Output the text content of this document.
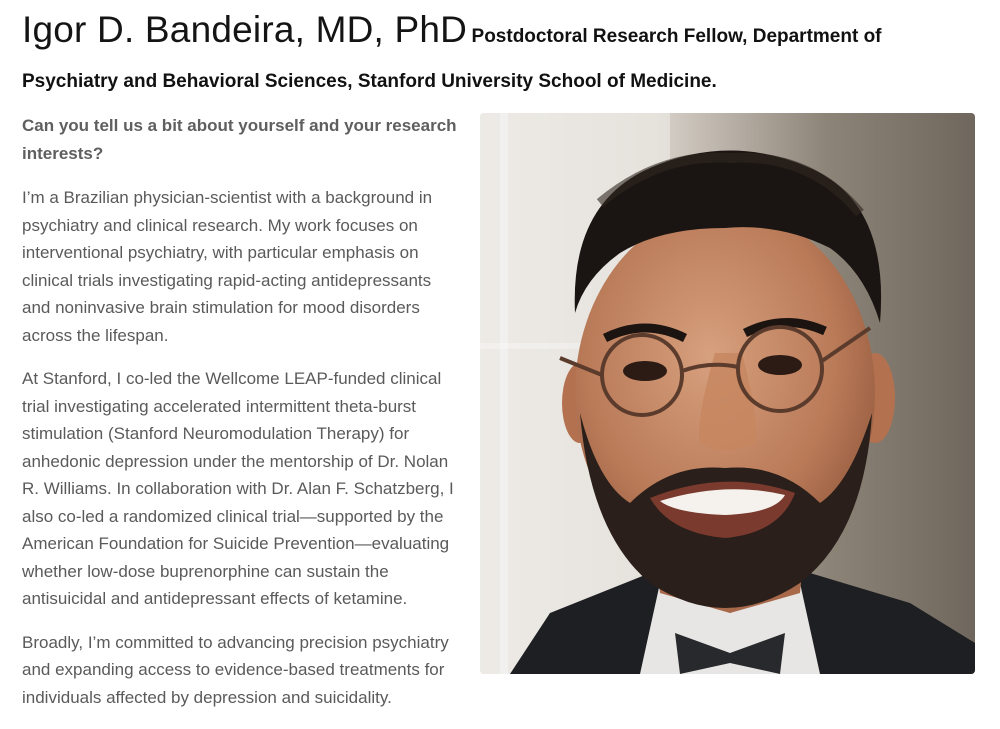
Igor D. Bandeira, MD, PhD Postdoctoral Research Fellow, Department of Psychiatry and Behavioral Sciences, Stanford University School of Medicine.

Can you tell us a bit about yourself and your research interests?

I’m a Brazilian physician-scientist with a background in psychiatry and clinical research. My work focuses on interventional psychiatry, with particular emphasis on clinical trials investigating rapid-acting antidepressants and noninvasive brain stimulation for mood disorders across the lifespan.

At Stanford, I co-led the Wellcome LEAP-funded clinical trial investigating accelerated intermittent theta-burst stimulation (Stanford Neuromodulation Therapy) for anhedonic depression under the mentorship of Dr. Nolan R. Williams. In collaboration with Dr. Alan F. Schatzberg, I also co-led a randomized clinical trial—supported by the American Foundation for Suicide Prevention—evaluating whether low-dose buprenorphine can sustain the antisuicidal and antidepressant effects of ketamine.

Broadly, I’m committed to advancing precision psychiatry and expanding access to evidence-based treatments for individuals affected by depression and suicidality.
